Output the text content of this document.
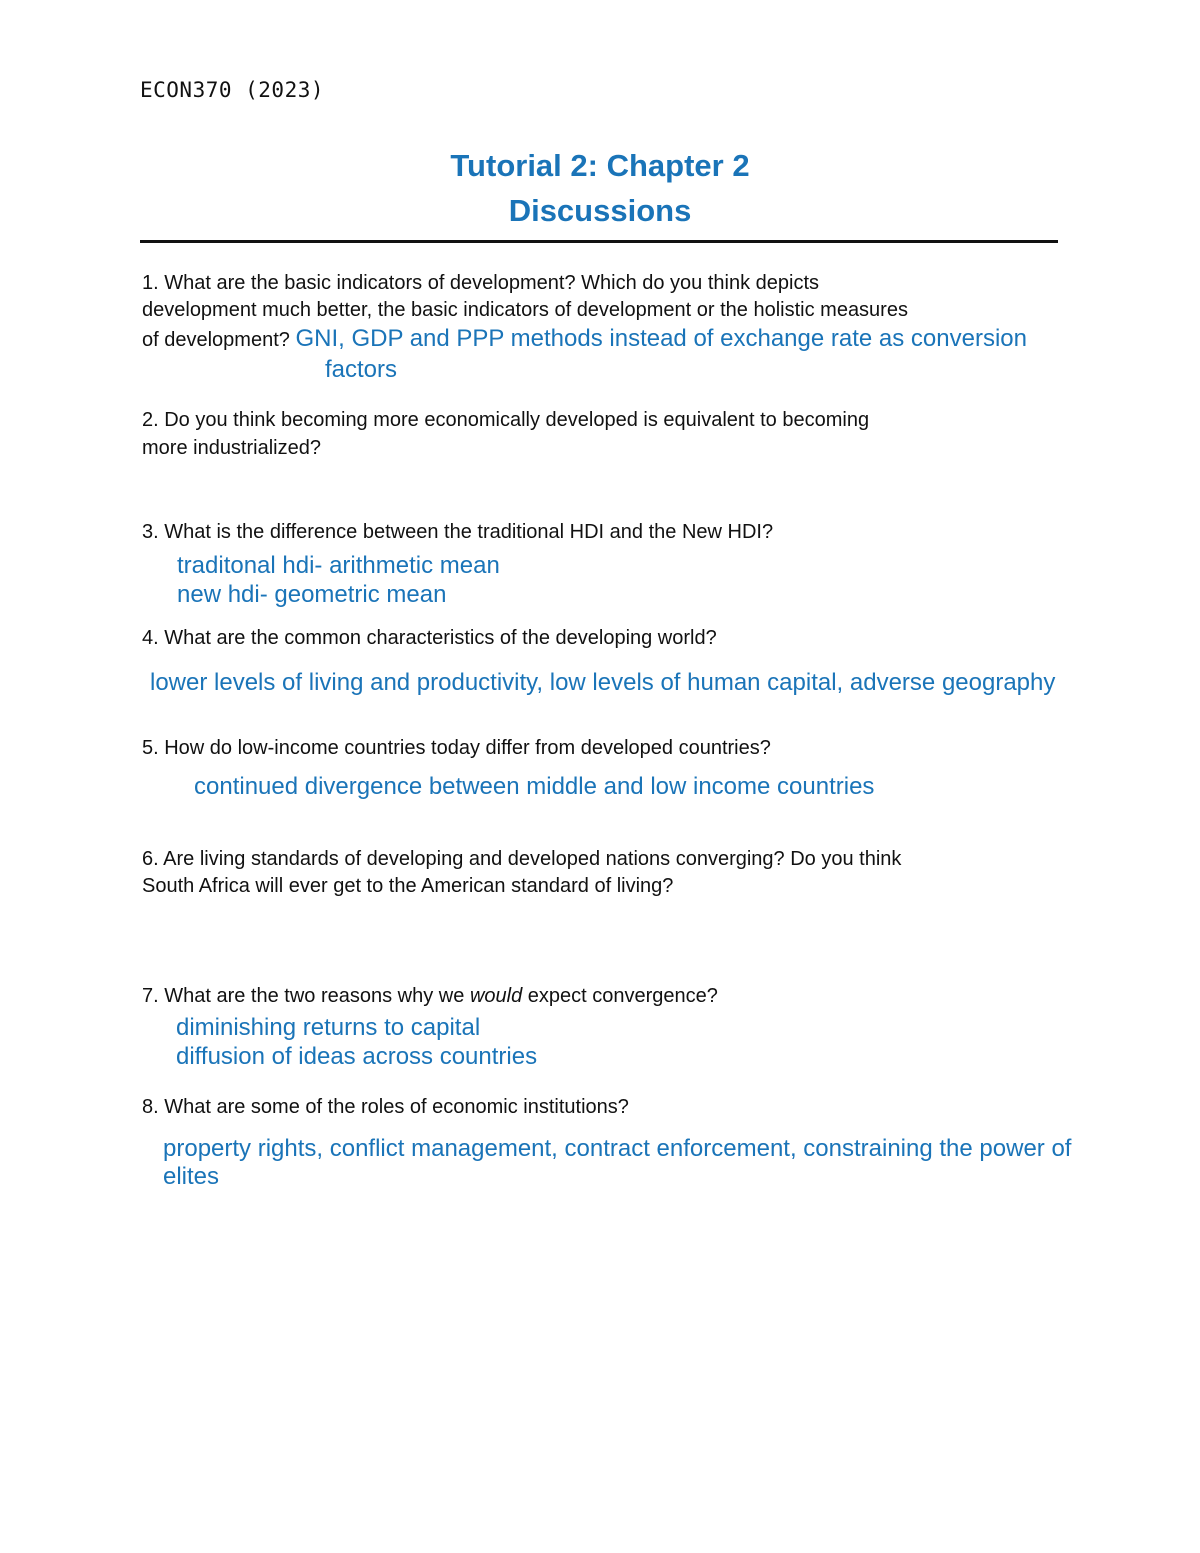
ECON370 (2023)
Tutorial 2: Chapter 2
Discussions
1. What are the basic indicators of development? Which do you think depicts
development much better, the basic indicators of development or the holistic measures
of development? GNI, GDP and PPP methods instead of exchange rate as conversion
factors
2. Do you think becoming more economically developed is equivalent to becoming
more industrialized?
3. What is the difference between the traditional HDI and the New HDI?
traditonal hdi- arithmetic mean
new hdi- geometric mean
4. What are the common characteristics of the developing world?
lower levels of living and productivity, low levels of human capital, adverse geography
5. How do low-income countries today differ from developed countries?
continued divergence between middle and low income countries
6. Are living standards of developing and developed nations converging? Do you think
South Africa will ever get to the American standard of living?
7. What are the two reasons why we would expect convergence?
diminishing returns to capital
diffusion of ideas across countries
8. What are some of the roles of economic institutions?
property rights, conflict management, contract enforcement, constraining the power of
elites
